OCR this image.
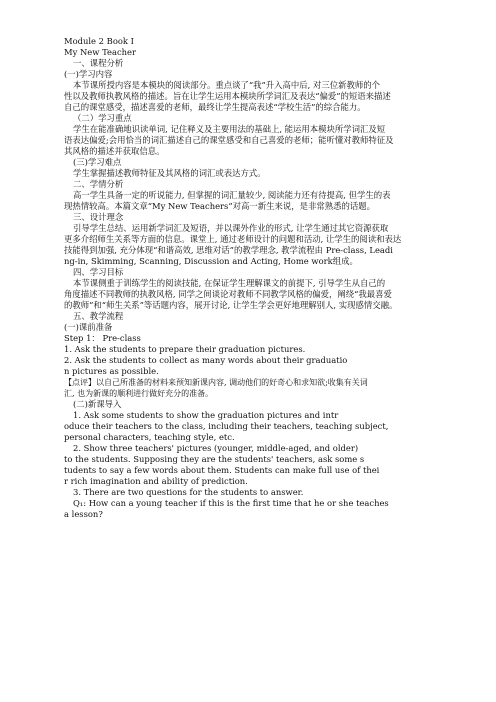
Module 2 Book I
My New Teacher
一、课程分析
(一)学习内容
本节课所授内容是本模块的阅读部分。重点谈了“我”升入高中后, 对三位新教师的个
性以及教师执教风格的描述。旨在让学生运用本模块所学词汇及表达“偏爱”的短语来描述
自己的课堂感受，描述喜爱的老师，最终让学生提高表述“学校生活”的综合能力。
（二）学习重点
学生在能准确地识读单词, 记住释义及主要用法的基础上, 能运用本模块所学词汇及短
语表达偏爱;会用恰当的词汇描述自己的课堂感受和自己喜爱的老师；能听懂对教师特征及
其风格的描述并获取信息。
(三)学习难点
学生掌握描述教师特征及其风格的词汇或表达方式。
二、学情分析
高一学生具备一定的听说能力, 但掌握的词汇量较少, 阅读能力还有待提高, 但学生的表
现热情较高。本篇文章“My New Teachers”对高一新生来说，是非常熟悉的话题。
三、设计理念
引导学生总结、运用新学词汇及短语，并以课外作业的形式, 让学生通过其它资源获取
更多介绍师生关系等方面的信息。课堂上, 通过老师设计的问题和活动, 让学生的阅读和表达
技能得到加强, 充分体现“和谐高效, 思维对话”的教学理念, 教学流程由 Pre-class, Leadi
ng-in, Skimming, Scanning, Discussion and Acting, Home work组成。
四、学习目标
本节课侧重于训练学生的阅读技能, 在保证学生理解课文的前提下, 引导学生从自己的
角度描述不同教师的执教风格, 同学之间谈论对教师不同教学风格的偏爱，阐绕“我最喜爱
的教师”和“师生关系”等话题内容，展开讨论, 让学生学会更好地理解别人, 实现感情交融。
五、教学流程
(一)课前准备
Step 1： Pre-class
1. Ask the students to prepare their graduation pictures.
2. Ask the students to collect as many words about their graduatio
n pictures as possible.
【点评】以自己所准备的材料来预知新课内容, 调动他们的好奇心和求知欲;收集有关词
汇, 也为新课的顺利进行做好充分的准备。
(二)新课导入
1. Ask some students to show the graduation pictures and intr
oduce their teachers to the class, including their teachers, teaching subject,
personal characters, teaching style, etc.
2. Show three teachers' pictures (younger, middle-aged, and older)
to the students. Supposing they are the students' teachers, ask some s
tudents to say a few words about them. Students can make full use of thei
r rich imagination and ability of prediction.
3. There are two questions for the students to answer.
Q₁: How can a young teacher if this is the first time that he or she teaches
a lesson?
